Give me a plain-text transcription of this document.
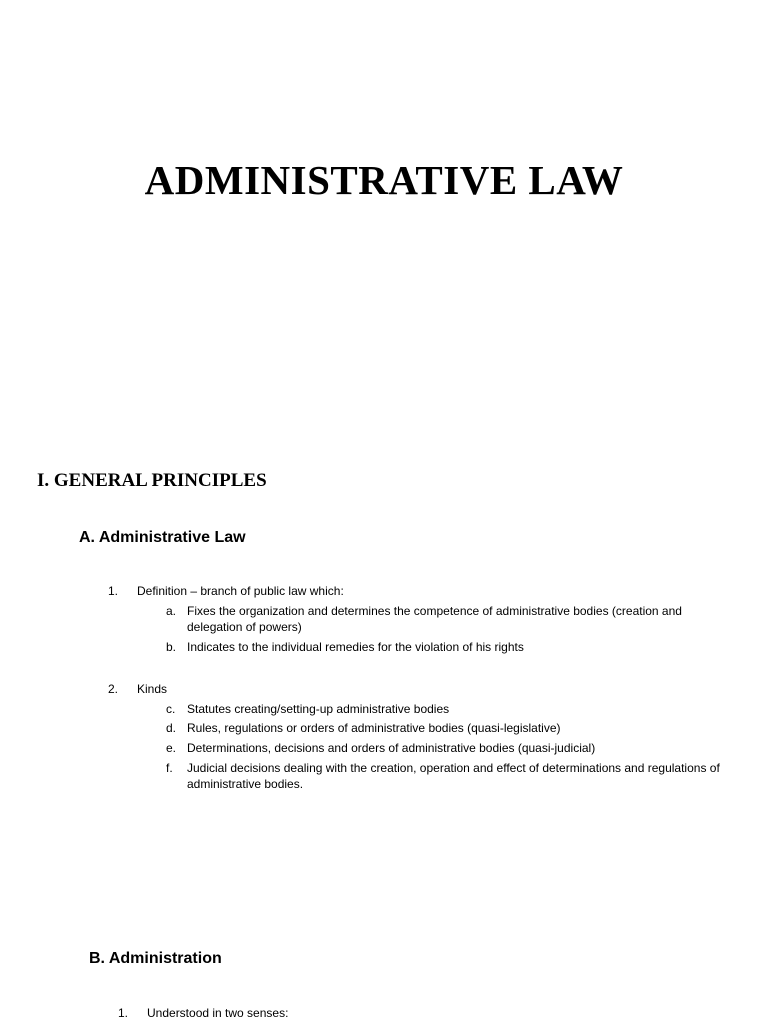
ADMINISTRATIVE LAW
I. GENERAL PRINCIPLES
A. Administrative Law
1. Definition – branch of public law which:
a. Fixes the organization and determines the competence of administrative bodies (creation and delegation of powers)
b. Indicates to the individual remedies for the violation of his rights
2. Kinds
c. Statutes creating/setting-up administrative bodies
d. Rules, regulations or orders of administrative bodies (quasi-legislative)
e. Determinations, decisions and orders of administrative bodies (quasi-judicial)
f. Judicial decisions dealing with the creation, operation and effect of determinations and regulations of administrative bodies.
B. Administration
1. Understood in two senses:
